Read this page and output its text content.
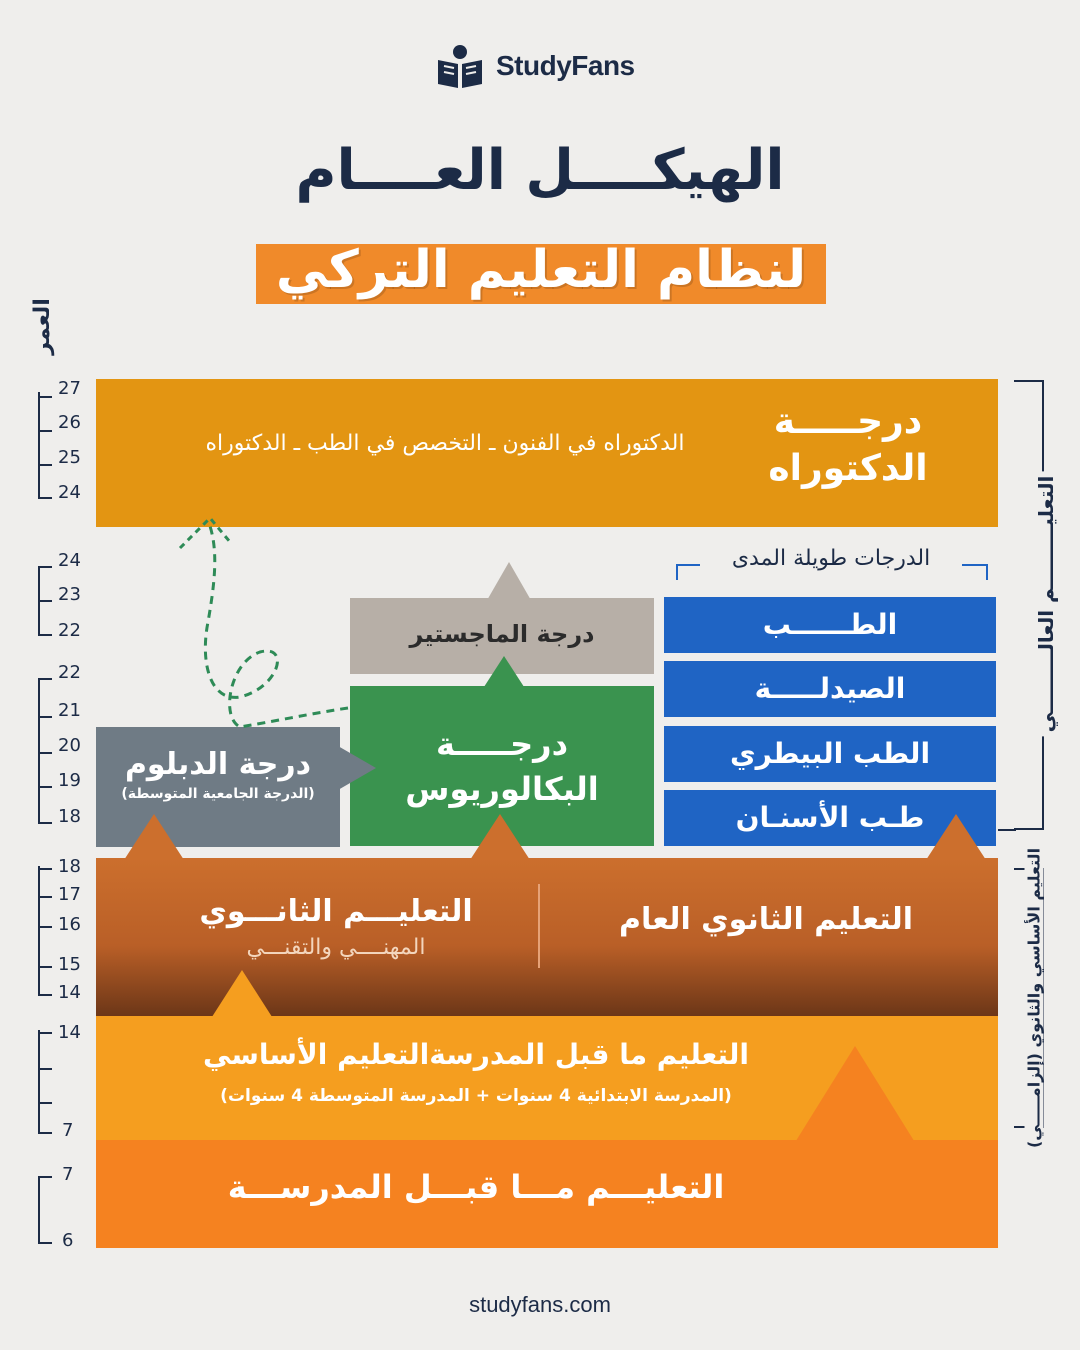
StudyFans
الهيكــــل العــــام
لنظام التعليم التركي
العمر
27
26
25
24
24
23
22
22
21
20
19
18
18
17
16
15
14
14
7
7
6
درجـــــة الدكتوراه
الدكتوراه في الفنون ـ التخصص في الطب ـ الدكتوراه
الدرجات طويلة المدى
الطــــــب
الصيدلـــــة
الطب البيطري
طـب الأسنـان
درجة الماجستير
درجـــــة البكالوريوس
درجة الدبلوم
(الدرجة الجامعية المتوسطة)
التعليـــم الثانـــوي
المهنــــي والتقنـــي
التعليم الثانوي العام
التعليم ما قبل المدرسةالتعليم الأساسي
(المدرسة الابتدائية 4 سنوات + المدرسة المتوسطة 4 سنوات)
التعليـــم مـــا قبـــل المدرســـة
التعليـــــــــم العالـــــــــي
التعليم الأساسي والثانوي (إلزامـــــي)
studyfans.com
